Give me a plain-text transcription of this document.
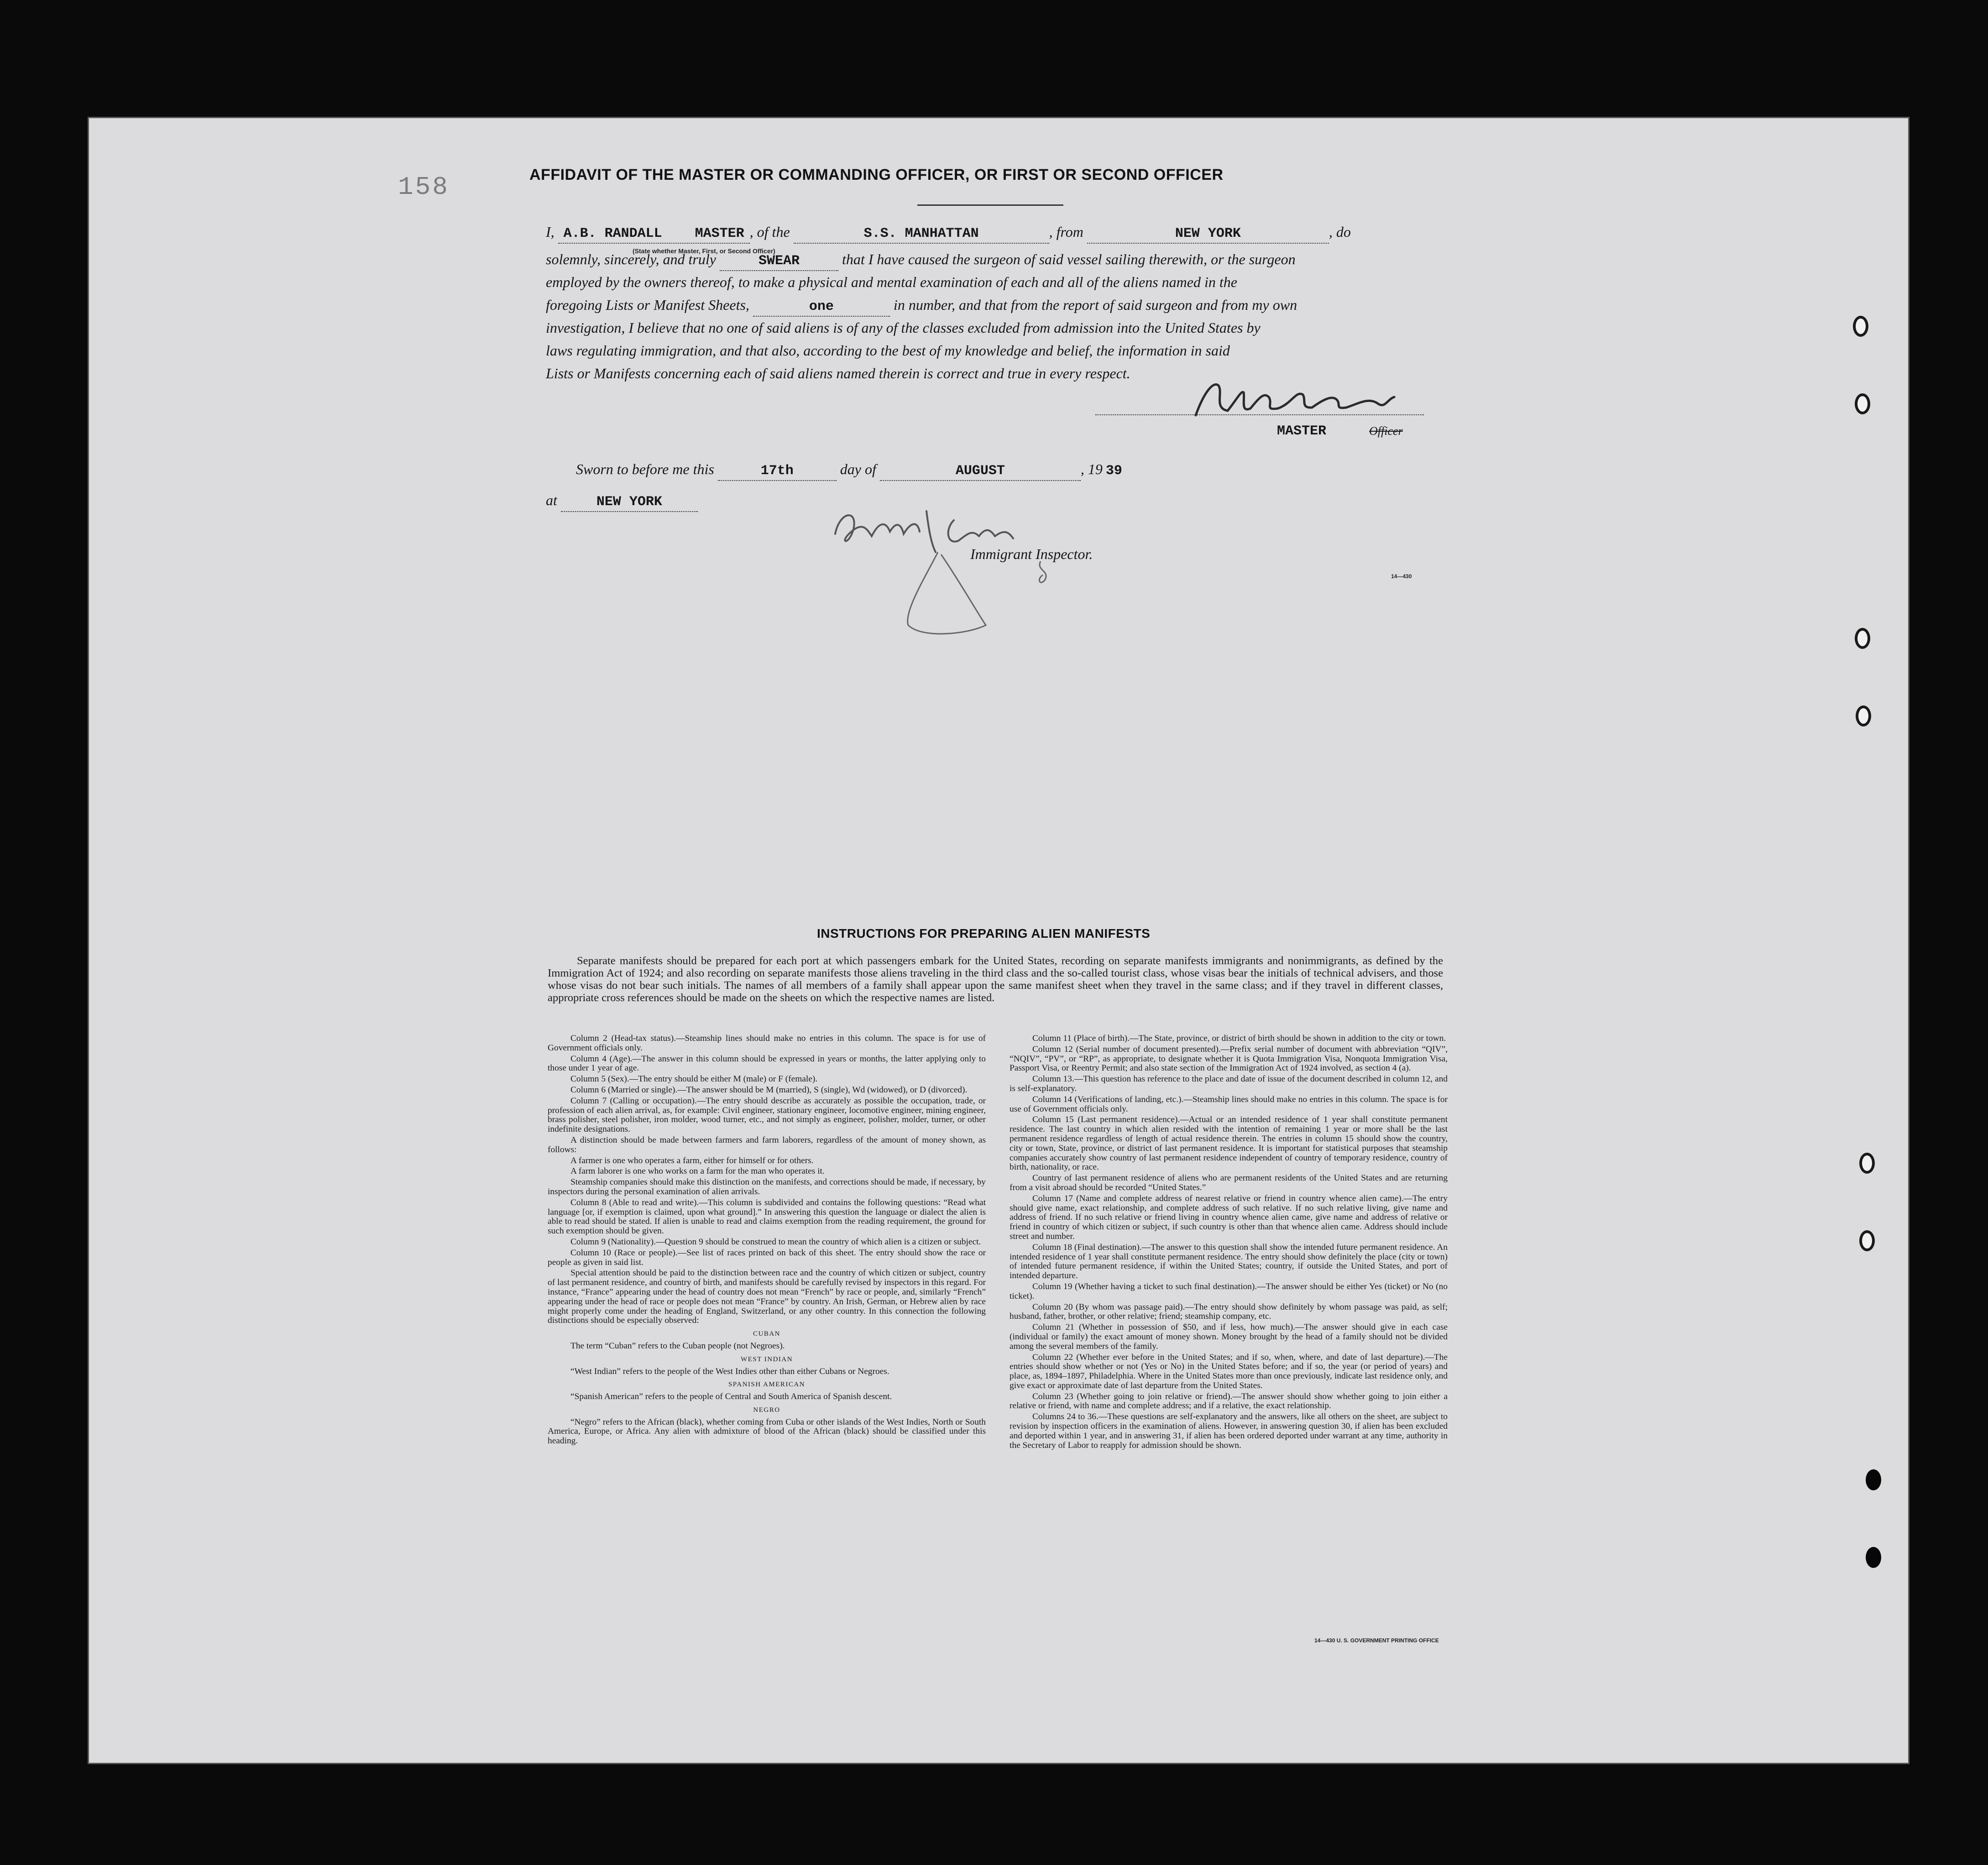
158	AFFIDAVIT OF THE MASTER OR COMMANDING OFFICER, OR FIRST OR SECOND OFFICER
I, A.B. RANDALL MASTER , of the	S.S. MANHATTAN	, from	NEW YORK	, do
(State whether Master, First, or Second Officer)
solemnly, sincerely, and truly	SWEAR	that I have caused the surgeon of said vessel sailing therewith, or the surgeon
employed by the owners thereof, to make a physical and mental examination of each and all of the aliens named in the
foregoing Lists or Manifest Sheets,	one	in number, and that from the report of said surgeon and from my own
investigation, I believe that no one of said aliens is of any of the classes excluded from admission into the United States by
laws regulating immigration, and that also, according to the best of my knowledge and belief, the information in said
Lists or Manifests concerning each of said aliens named therein is correct and true in every respect.
MASTER	Officer
Sworn to before me this	17th	day of	AUGUST	, 19 39
at	NEW YORK
Immigrant Inspector.
14—430
INSTRUCTIONS FOR PREPARING ALIEN MANIFESTS

Separate manifests should be prepared for each port at which passengers embark for the United States, recording on separate manifests immigrants and nonimmigrants, as defined by the Immigration Act of 1924; and also recording on separate manifests those aliens traveling in the third class and the so-called tourist class, whose visas bear the initials of technical advisers, and those whose visas do not bear such initials. The names of all members of a family shall appear upon the same manifest sheet when they travel in the same class; and if they travel in different classes, appropriate cross references should be made on the sheets on which the respective names are listed.

Column 2 (Head-tax status).—Steamship lines should make no entries in this column. The space is for use of Government officials only.

Column 4 (Age).—The answer in this column should be expressed in years or months, the latter applying only to those under 1 year of age.

Column 5 (Sex).—The entry should be either M (male) or F (female).

Column 6 (Married or single).—The answer should be M (married), S (single), Wd (widowed), or D (divorced).

Column 7 (Calling or occupation).—The entry should describe as accurately as possible the occupation, trade, or profession of each alien arrival, as, for example: Civil engineer, stationary engineer, locomotive engineer, mining engineer, brass polisher, steel polisher, iron molder, wood turner, etc., and not simply as engineer, polisher, molder, turner, or other indefinite designations.

A distinction should be made between farmers and farm laborers, regardless of the amount of money shown, as follows:

A farmer is one who operates a farm, either for himself or for others.

A farm laborer is one who works on a farm for the man who operates it.

Steamship companies should make this distinction on the manifests, and corrections should be made, if necessary, by inspectors during the personal examination of alien arrivals.

Column 8 (Able to read and write).—This column is subdivided and contains the following questions: “Read what language [or, if exemption is claimed, upon what ground].” In answering this question the language or dialect the alien is able to read should be stated. If alien is unable to read and claims exemption from the reading requirement, the ground for such exemption should be given.

Column 9 (Nationality).—Question 9 should be construed to mean the country of which alien is a citizen or subject.

Column 10 (Race or people).—See list of races printed on back of this sheet. The entry should show the race or people as given in said list.

Special attention should be paid to the distinction between race and the country of which citizen or subject, country of last permanent residence, and country of birth, and manifests should be carefully revised by inspectors in this regard. For instance, “France” appearing under the head of country does not mean “French” by race or people, and, similarly “French” appearing under the head of race or people does not mean “France” by country. An Irish, German, or Hebrew alien by race might properly come under the heading of England, Switzerland, or any other country. In this connection the following distinctions should be especially observed:

CUBAN

The term “Cuban” refers to the Cuban people (not Negroes).

WEST INDIAN

“West Indian” refers to the people of the West Indies other than either Cubans or Negroes.

SPANISH AMERICAN

“Spanish American” refers to the people of Central and South America of Spanish descent.

NEGRO

“Negro” refers to the African (black), whether coming from Cuba or other islands of the West Indies, North or South America, Europe, or Africa. Any alien with admixture of blood of the African (black) should be classified under this heading.

Column 11 (Place of birth).—The State, province, or district of birth should be shown in addition to the city or town.

Column 12 (Serial number of document presented).—Prefix serial number of document with abbreviation “QIV”, “NQIV”, “PV”, or “RP”, as appropriate, to designate whether it is Quota Immigration Visa, Nonquota Immigration Visa, Passport Visa, or Reentry Permit; and also state section of the Immigration Act of 1924 involved, as section 4 (a).

Column 13.—This question has reference to the place and date of issue of the document described in column 12, and is self-explanatory.

Column 14 (Verifications of landing, etc.).—Steamship lines should make no entries in this column. The space is for use of Government officials only.

Column 15 (Last permanent residence).—Actual or an intended residence of 1 year shall constitute permanent residence. The last country in which alien resided with the intention of remaining 1 year or more shall be the last permanent residence regardless of length of actual residence therein. The entries in column 15 should show the country, city or town, State, province, or district of last permanent residence. It is important for statistical purposes that steamship companies accurately show country of last permanent residence independent of country of temporary residence, country of birth, nationality, or race.

Country of last permanent residence of aliens who are permanent residents of the United States and are returning from a visit abroad should be recorded “United States.”

Column 17 (Name and complete address of nearest relative or friend in country whence alien came).—The entry should give name, exact relationship, and complete address of such relative. If no such relative living, give name and address of friend. If no such relative or friend living in country whence alien came, give name and address of relative or friend in country of which citizen or subject, if such country is other than that whence alien came. Address should include street and number.

Column 18 (Final destination).—The answer to this question shall show the intended future permanent residence. An intended residence of 1 year shall constitute permanent residence. The entry should show definitely the place (city or town) of intended future permanent residence, if within the United States; country, if outside the United States, and port of intended departure.

Column 19 (Whether having a ticket to such final destination).—The answer should be either Yes (ticket) or No (no ticket).

Column 20 (By whom was passage paid).—The entry should show definitely by whom passage was paid, as self; husband, father, brother, or other relative; friend; steamship company, etc.

Column 21 (Whether in possession of $50, and if less, how much).—The answer should give in each case (individual or family) the exact amount of money shown. Money brought by the head of a family should not be divided among the several members of the family.

Column 22 (Whether ever before in the United States; and if so, when, where, and date of last departure).—The entries should show whether or not (Yes or No) in the United States before; and if so, the year (or period of years) and place, as, 1894–1897, Philadelphia. Where in the United States more than once previously, indicate last residence only, and give exact or approximate date of last departure from the United States.

Column 23 (Whether going to join relative or friend).—The answer should show whether going to join either a relative or friend, with name and complete address; and if a relative, the exact relationship.

Columns 24 to 36.—These questions are self-explanatory and the answers, like all others on the sheet, are subject to revision by inspection officers in the examination of aliens. However, in answering question 30, if alien has been excluded and deported within 1 year, and in answering 31, if alien has been ordered deported under warrant at any time, authority in the Secretary of Labor to reapply for admission should be shown.

14—430 U. S. GOVERNMENT PRINTING OFFICE
